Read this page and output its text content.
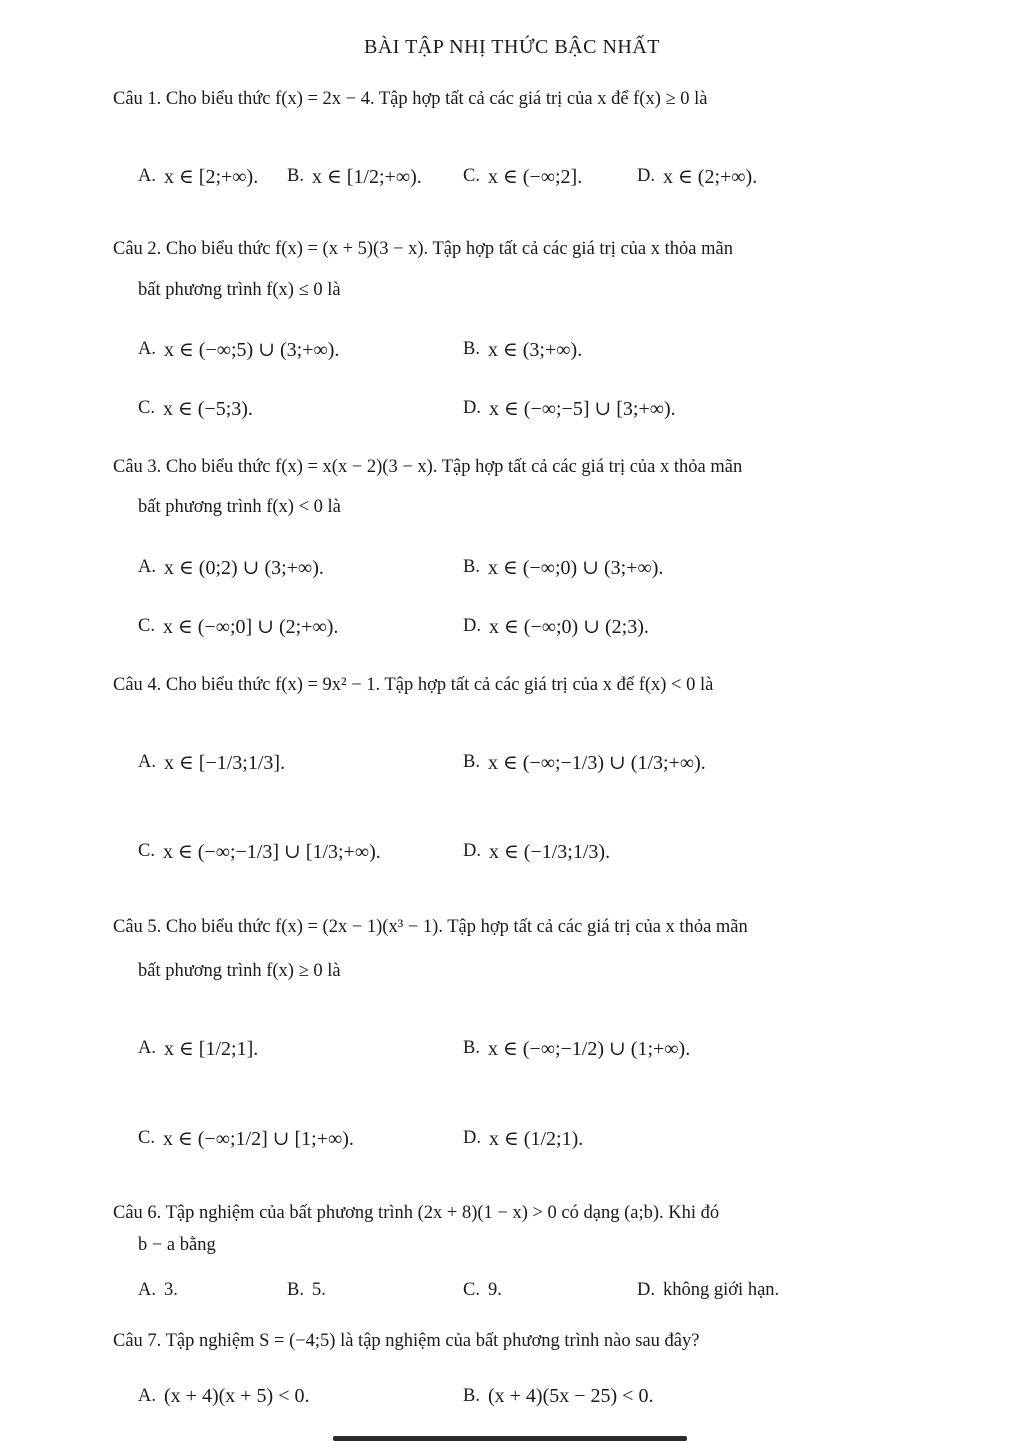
BÀI TẬP NHỊ THỨC BẬC NHẤT
Câu 1. Cho biểu thức f(x) = 2x − 4. Tập hợp tất cả các giá trị của x để f(x) ≥ 0 là
A. x ∈ [2;+∞). B. x ∈ [1/2;+∞). C. x ∈ (−∞;2].	D. x ∈ (2;+∞).
Câu 2. Cho biểu thức f(x) = (x + 5)(3 − x). Tập hợp tất cả các giá trị của x thỏa mãn
bất phương trình f(x) ≤ 0 là
A. x ∈ (−∞;5) ∪ (3;+∞).	B. x ∈ (3;+∞).
C. x ∈ (−5;3).	D. x ∈ (−∞;−5] ∪ [3;+∞).
Câu 3. Cho biểu thức f(x) = x(x − 2)(3 − x). Tập hợp tất cả các giá trị của x thỏa mãn
bất phương trình f(x) < 0 là
A. x ∈ (0;2) ∪ (3;+∞).	B. x ∈ (−∞;0) ∪ (3;+∞).
C. x ∈ (−∞;0] ∪ (2;+∞).	D. x ∈ (−∞;0) ∪ (2;3).
Câu 4. Cho biểu thức f(x) = 9x² − 1. Tập hợp tất cả các giá trị của x để f(x) < 0 là
A. x ∈ [−1/3;1/3].	B. x ∈ (−∞;−1/3) ∪ (1/3;+∞).
C. x ∈ (−∞;−1/3] ∪ [1/3;+∞).	D. x ∈ (−1/3;1/3).
Câu 5. Cho biểu thức f(x) = (2x − 1)(x³ − 1). Tập hợp tất cả các giá trị của x thỏa mãn
bất phương trình f(x) ≥ 0 là
A. x ∈ [1/2;1].	B. x ∈ (−∞;−1/2) ∪ (1;+∞).
C. x ∈ (−∞;1/2] ∪ [1;+∞).	D. x ∈ (1/2;1).
Câu 6. Tập nghiệm của bất phương trình (2x + 8)(1 − x) > 0 có dạng (a;b). Khi đó
b − a bằng
A. 3.	B. 5.	C. 9.	D. không giới hạn.
Câu 7. Tập nghiệm S = (−4;5) là tập nghiệm của bất phương trình nào sau đây?
A. (x + 4)(x + 5) < 0.	B. (x + 4)(5x − 25) < 0.
